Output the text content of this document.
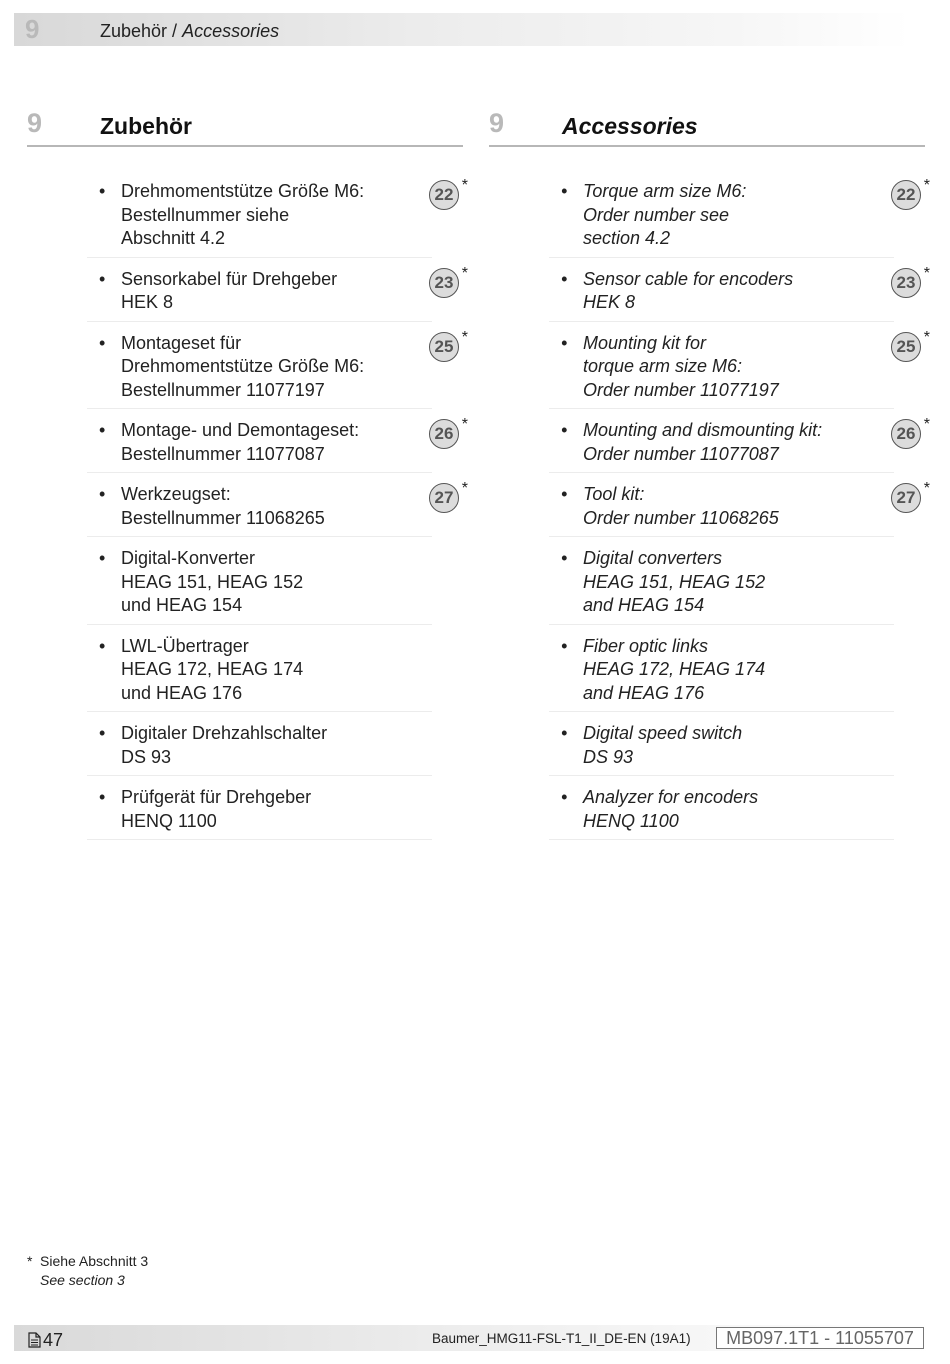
9	Zubehör / Accessories
9	Zubehör
• Drehmomentstütze Größe M6:
Bestellnummer siehe
Abschnitt 4.2
22 *
• Sensorkabel für Drehgeber
HEK 8
23 *
• Montageset für
Drehmomentstütze Größe M6:
Bestellnummer 11077197
25 *
• Montage- und Demontageset:
Bestellnummer 11077087
26 *
• Werkzeugset:
Bestellnummer 11068265
27 *
• Digital-Konverter
HEAG 151, HEAG 152
und HEAG 154
• LWL-Übertrager
HEAG 172, HEAG 174
und HEAG 176
• Digitaler Drehzahlschalter
DS 93
• Prüfgerät für Drehgeber
HENQ 1100
9	Accessories
• Torque arm size M6:
Order number see
section 4.2
22 *
• Sensor cable for encoders
HEK 8
23 *
• Mounting kit for
torque arm size M6:
Order number 11077197
25 *
• Mounting and dismounting kit:
Order number 11077087
26 *
• Tool kit:
Order number 11068265
27 *
• Digital converters
HEAG 151, HEAG 152
and HEAG 154
• Fiber optic links
HEAG 172, HEAG 174
and HEAG 176
• Digital speed switch
DS 93
• Analyzer for encoders
HENQ 1100
* Siehe Abschnitt 3
See section 3
47	Baumer_HMG11-FSL-T1_II_DE-EN (19A1)	MB097.1T1 - 11055707
